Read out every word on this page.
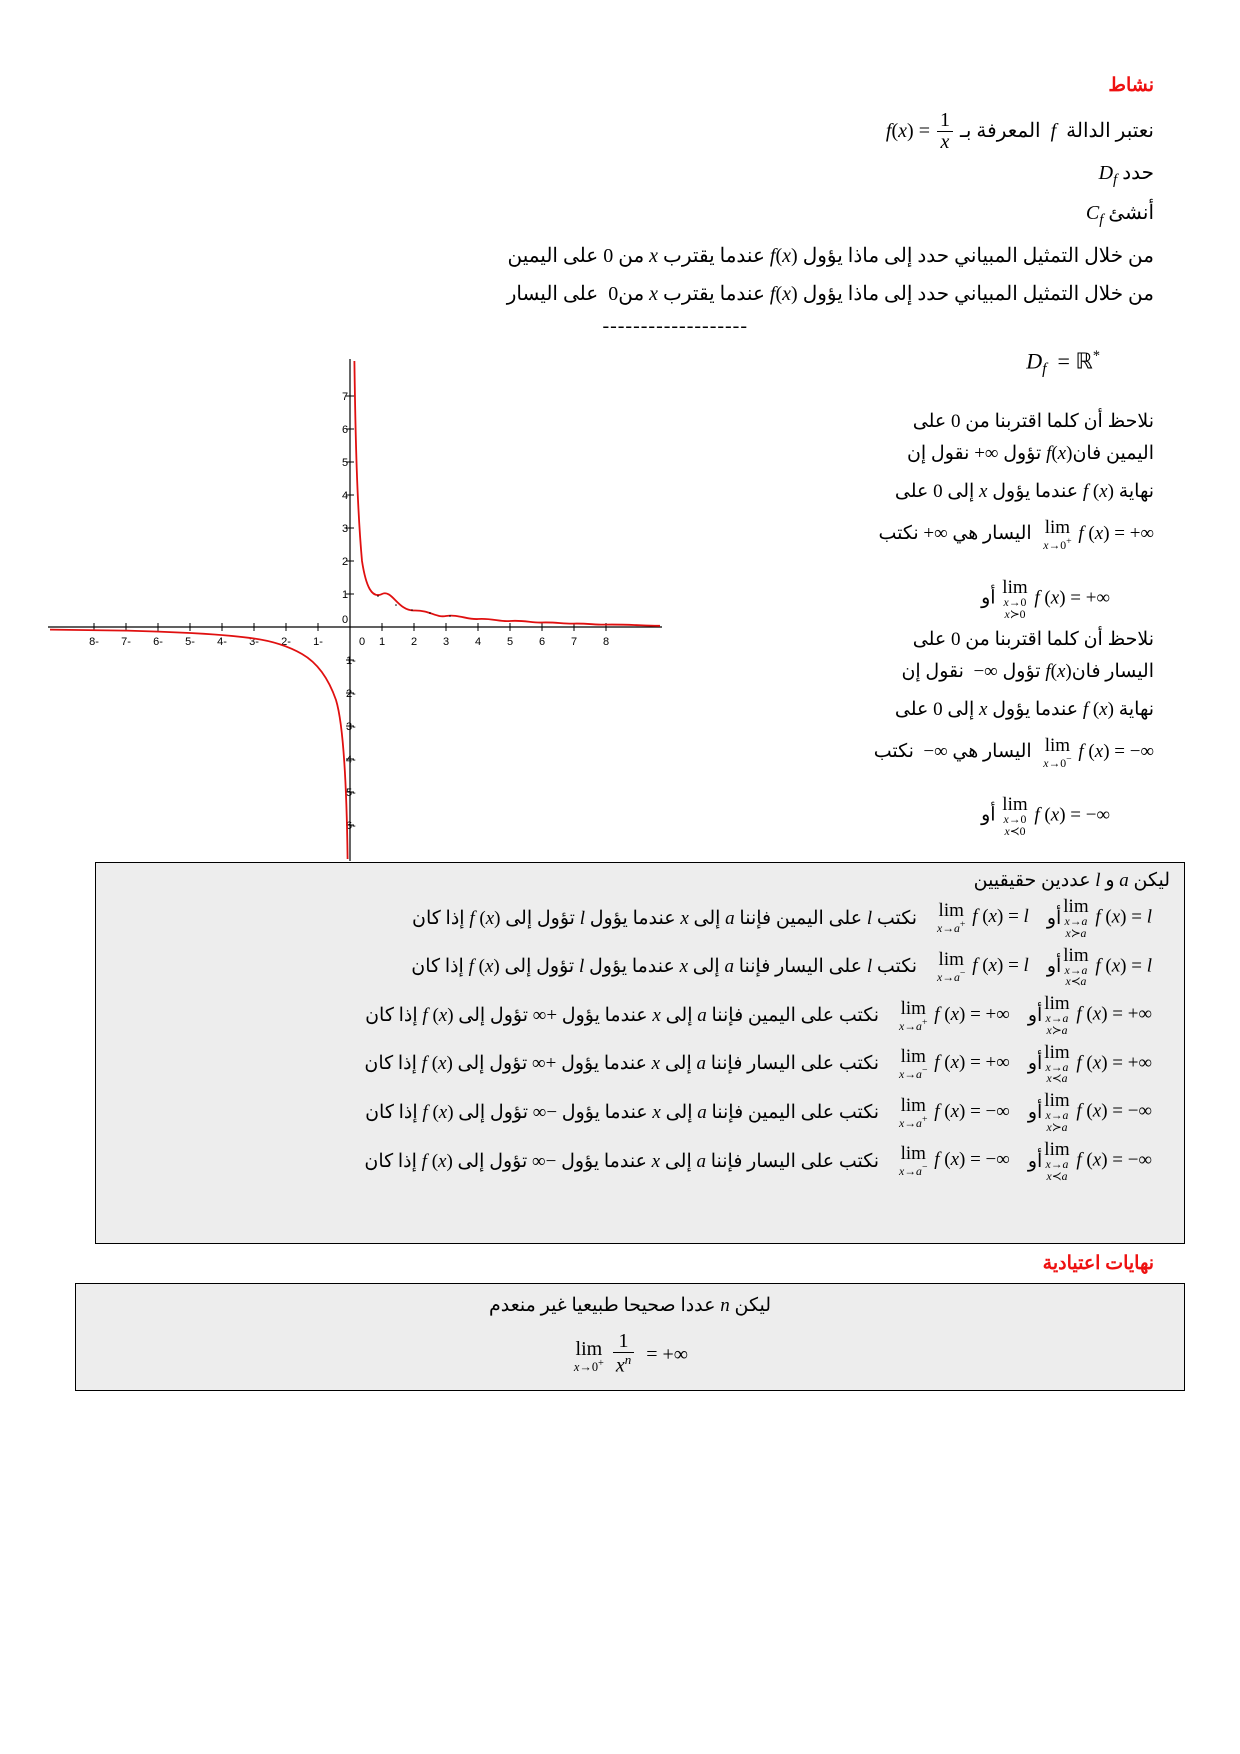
نشاط
نعتبر الدالة  f  المعرفة بـ $f(x) = \frac{1}{x}$
حدد $D_f$
أنشئ $C_f$
من خلال التمثيل المبياني حدد إلى ماذا يؤول f(x) عندما يقترب x من 0 على اليمين
من خلال التمثيل المبياني حدد إلى ماذا يؤول f(x) عندما يقترب x من0  على اليسار
-------------------
$D_f$  = ℝ*
-8 -7 -6 -5 -4 -3 -2 -1	0 1 2 3 4 5 6 7 8
7
6
5
4
3
2
1
0
-1
-2
-3
-4
-5
-6
نلاحظ أن كلما اقتربنا من 0 على
اليمين فانf(x) تؤول +∞ نقول إن
نهاية f (x) عندما يؤول x إلى 0 على
lim
x→0+ f (x) = +∞  اليسار هي +∞ نكتب
lim
x→0
x≻0
f (x) = +∞ أو
نلاحظ أن كلما اقتربنا من 0 على
اليسار فانf(x) تؤول −∞  نقول إن
نهاية f (x) عندما يؤول x إلى 0 على
lim
x→0− f (x) = −∞  اليسار هي −∞  نكتب
lim
x→0
x≺0
f (x) = −∞ أو
ليكن a و l عددين حقيقيين
lim
x→a
x≻a
f (x) = l
أو
lim
x→a+ f (x) = l
نكتب l على اليمين فإننا a إلى x عندما يؤول l تؤول إلى f (x) إذا كان
lim
x→a
x≺a
f (x) = l
أو
lim
x→a− f (x) = l
نكتب l على اليسار فإننا a إلى x عندما يؤول l تؤول إلى f (x) إذا كان
lim
x→a
x≻a
f (x) = +∞
أو
lim
x→a+ f (x) = +∞
نكتب على اليمين فإننا a إلى x عندما يؤول ∞+ تؤول إلى f (x) إذا كان
lim
x→a
x≺a
f (x) = +∞
أو
lim
x→a− f (x) = +∞
نكتب على اليسار فإننا a إلى x عندما يؤول ∞+ تؤول إلى f (x) إذا كان
lim
x→a
x≻a
f (x) = −∞
أو
lim
x→a+ f (x) = −∞
نكتب على اليمين فإننا a إلى x عندما يؤول ∞− تؤول إلى f (x) إذا كان
lim
x→a
x≺a
f (x) = −∞
أو
lim
x→a− f (x) = −∞
نكتب على اليسار فإننا a إلى x عندما يؤول ∞− تؤول إلى f (x) إذا كان
نهايات اعتيادية
ليكن n عددا صحيحا طبيعيا غير منعدم
lim
x→0+
$\frac{1}{x^n}$ = +∞
